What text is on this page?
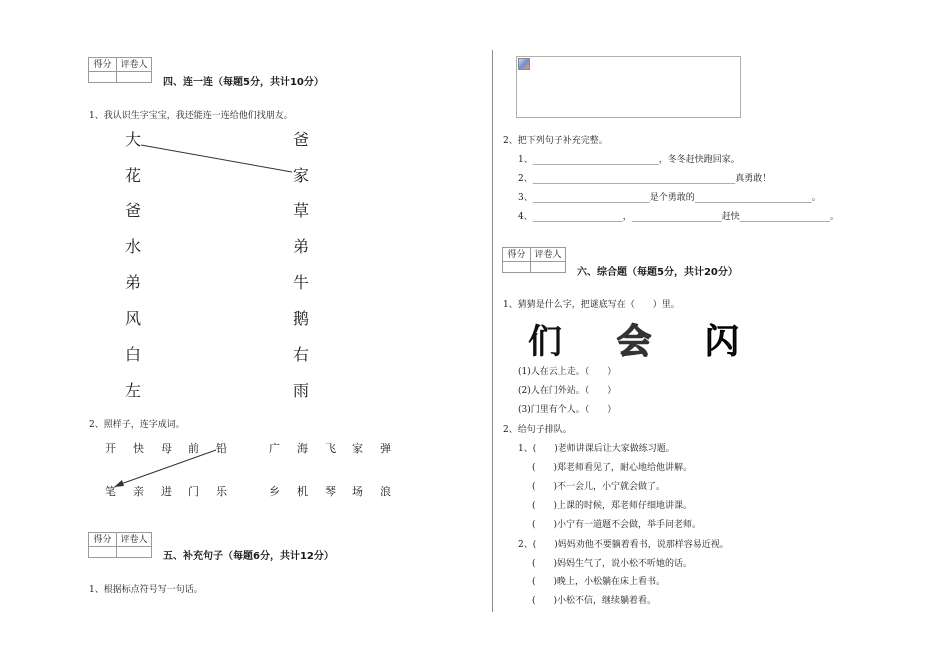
得分 评卷人
四、连一连（每题5分，共计10分）
1、我认识生字宝宝，我还能连一连给他们找朋友。
大
花
爸
水
弟
风
白
左
爸
家
草
弟
牛
鹅
右
雨
2、照样子，连字成词。
开 快 母 前 铅	广 海 飞 家 弹
笔 亲 进 门 乐	乡 机 琴 场 浪
得分 评卷人
五、补充句子（每题6分，共计12分）
1、根据标点符号写一句话。
2、把下列句子补充完整。
1、____________________________，冬冬赶快跑回家。
2、_____________________________________________真勇敢！
3、__________________________是个勇敢的__________________________。
4、____________________，____________________赶快____________________。
得分 评卷人
六、综合题（每题5分，共计20分）
1、猜猜是什么字，把谜底写在（　　）里。
们 会 闪
(1)人在云上走。（　　）
(2)人在门外站。（　　）
(3)门里有个人。（　　）
2、给句子排队。
1、(　　)老师讲课后让大家做练习题。
(　　)郑老师看见了，耐心地给他讲解。
(　　)不一会儿，小宁就会做了。
(　　)上课的时候，郑老师仔细地讲课。
(　　)小宁有一道题不会做，举手问老师。
2、(　　)妈妈劝他不要躺着看书，说那样容易近视。
(　　)妈妈生气了，说小松不听她的话。
(　　)晚上，小松躺在床上看书。
(　　)小松不信，继续躺着看。
